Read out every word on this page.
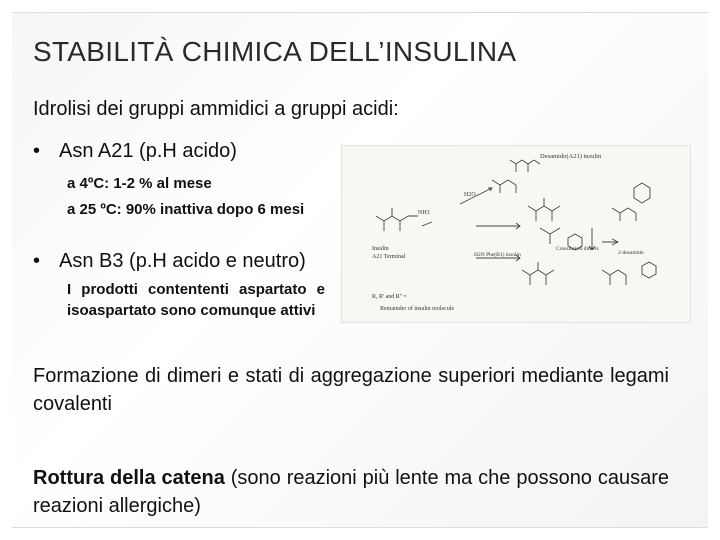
STABILITÀ CHIMICA DELL’INSULINA
Idrolisi dei gruppi ammidici a gruppi acidi:
• Asn A21 (p.H acido)
a 4ºC: 1-2 % al mese
a 25 ºC: 90% inattiva dopo 6 mesi
• Asn B3 (p.H acido e neutro)
I prodotti contententi aspartato e isoaspartato sono comunque attivi
Desamido(A21) insulin
H2O
NH3
Insulin
A21 Terminal	H2N Phe(B1) insulin
Crosslinked dimers
2-desamido
R, R' and R'' =
Remainder of insulin molecule
Formazione di dimeri e stati di aggregazione superiori mediante legami covalenti
Rottura della catena (sono reazioni più lente ma che possono causare reazioni allergiche)
